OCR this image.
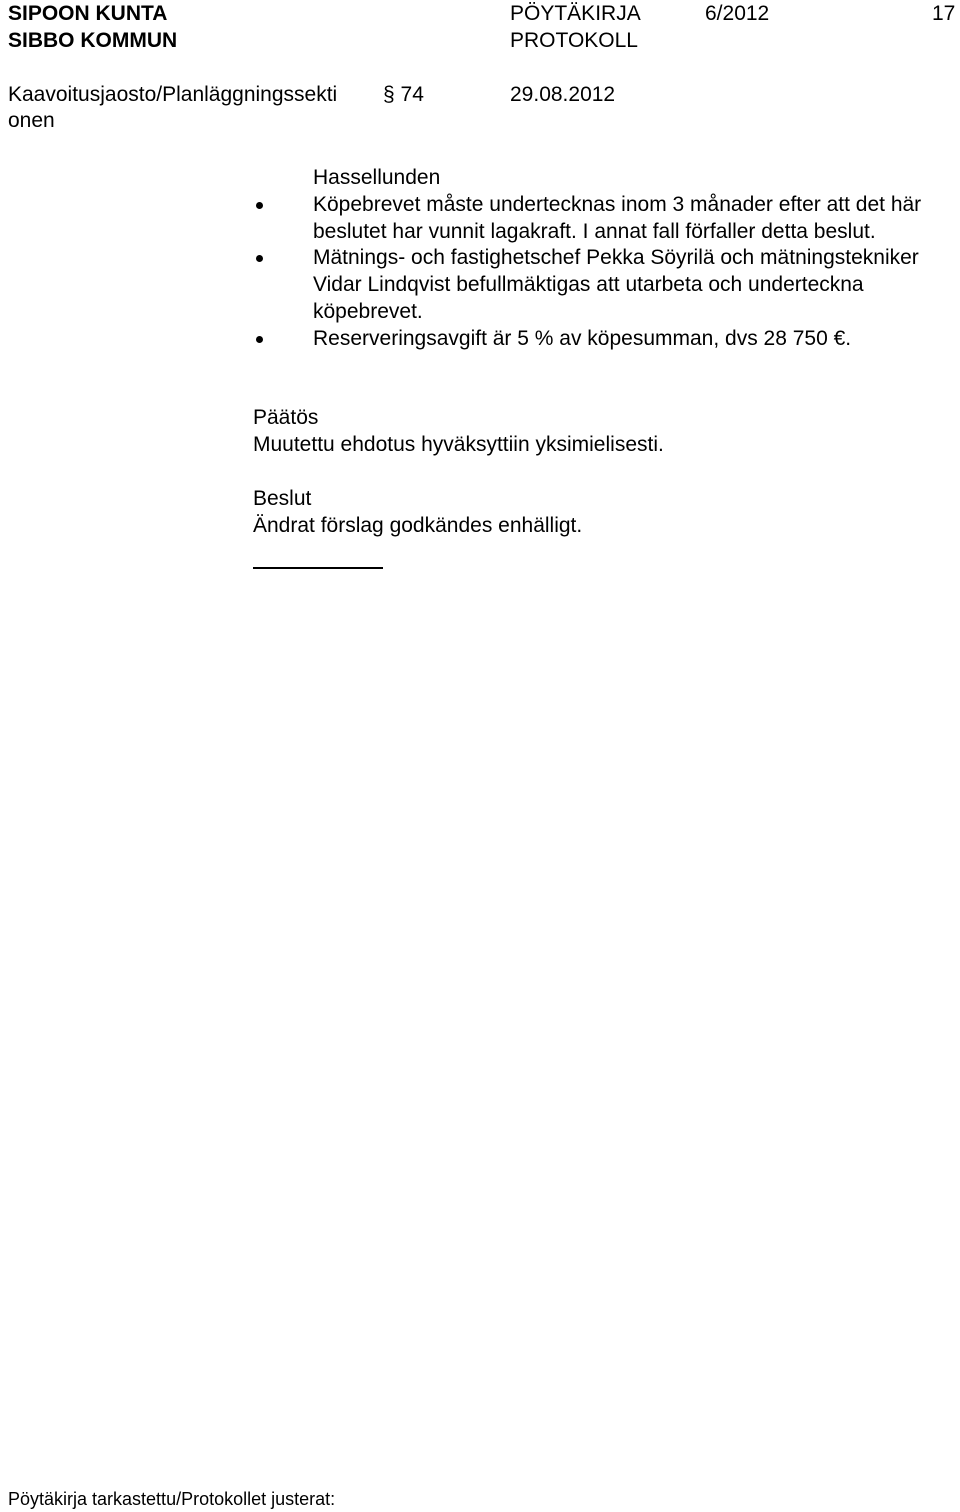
SIPOON KUNTA
SIBBO KOMMUN
PÖYTÄKIRJA
PROTOKOLL
6/2012	17
Kaavoitusjaosto/Planläggningssekti
onen
§ 74	29.08.2012
Hassellunden
Köpebrevet måste undertecknas inom 3 månader efter att det här beslutet har vunnit lagakraft. I annat fall förfaller detta beslut.
Mätnings- och fastighetschef Pekka Söyrilä och mätningstekniker Vidar Lindqvist befullmäktigas att utarbeta och underteckna köpebrevet.
Reserveringsavgift är 5 % av köpesumman, dvs 28 750 €.
Päätös
Muutettu ehdotus hyväksyttiin yksimielisesti.
Beslut
Ändrat förslag godkändes enhälligt.
Pöytäkirja tarkastettu/Protokollet justerat:
